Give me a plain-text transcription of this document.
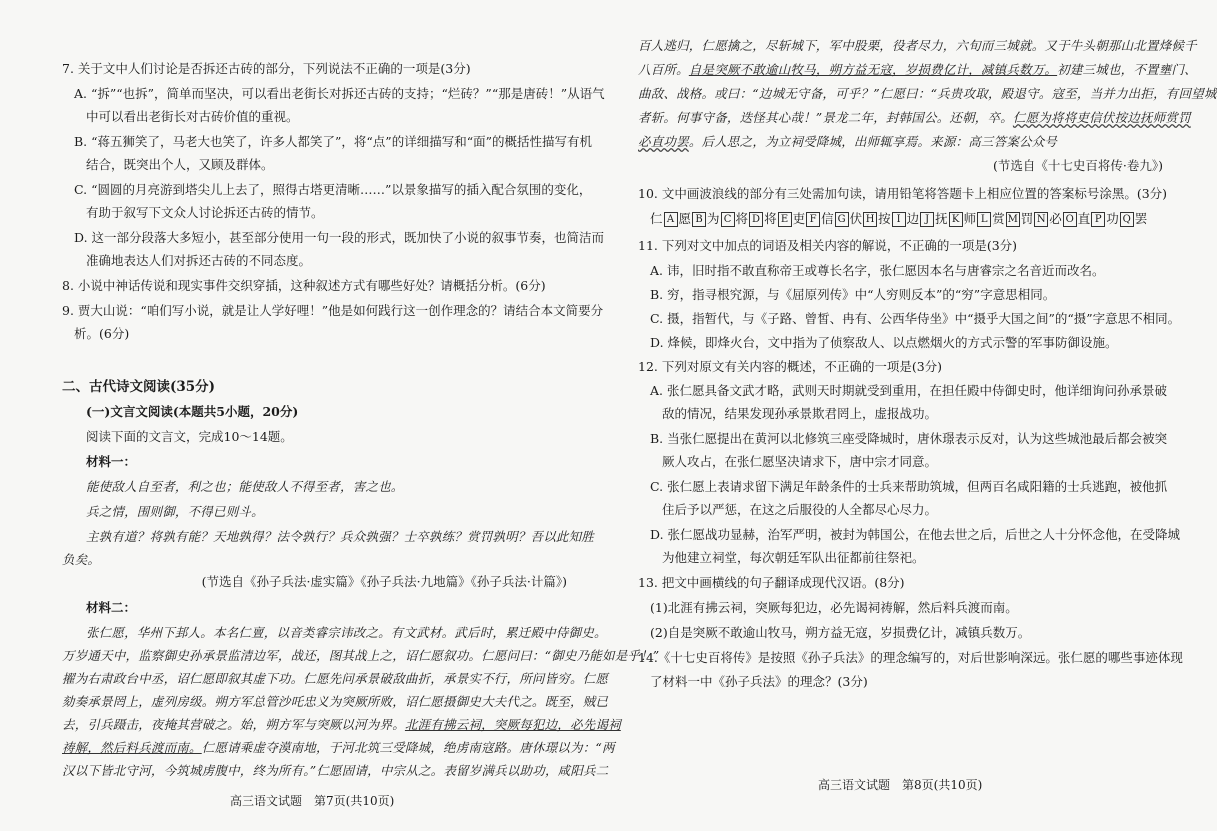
7. 关于文中人们讨论是否拆还古砖的部分，下列说法不正确的一项是(3分)
A. “拆”“也拆”，简单而坚决，可以看出老街长对拆还古砖的支持；“烂砖？”“那是唐砖！”从语气
中可以看出老街长对古砖价值的重视。
B. “蒋五狮笑了，马老大也笑了，许多人都笑了”，将“点”的详细描写和“面”的概括性描写有机
结合，既突出个人，又顾及群体。
C. “圆圆的月亮游到塔尖儿上去了，照得古塔更清晰……”以景象描写的插入配合氛围的变化，
有助于叙写下文众人讨论拆还古砖的情节。
D. 这一部分段落大多短小，甚至部分使用一句一段的形式，既加快了小说的叙事节奏，也简洁而
准确地表达人们对拆还古砖的不同态度。
8. 小说中神话传说和现实事件交织穿插，这种叙述方式有哪些好处？请概括分析。(6分)
9. 贾大山说：“咱们写小说，就是让人学好哩！”他是如何践行这一创作理念的？请结合本文简要分
析。(6分)
二、古代诗文阅读(35分)
(一)文言文阅读(本题共5小题，20分)
阅读下面的文言文，完成10～14题。
材料一：
能使敌人自至者，利之也；能使敌人不得至者，害之也。
兵之情，围则御，不得已则斗。
主孰有道？将孰有能？天地孰得？法令孰行？兵众孰强？士卒孰练？赏罚孰明？吾以此知胜
负矣。
(节选自《孙子兵法·虚实篇》《孙子兵法·九地篇》《孙子兵法·计篇》)
材料二：
张仁愿，华州下邽人。本名仁亶，以音类睿宗讳改之。有文武材。武后时，累迁殿中侍御史。
万岁通天中，监察御史孙承景监清边军，战还，图其战上之，诏仁愿叙功。仁愿问曰：“御史乃能如是乎！”
擢为右肃政台中丞，诏仁愿即叙其虚下功。仁愿先问承景破敌曲折，承景实不行，所问皆穷。仁愿
劾奏承景罔上，虚列房级。朔方军总管沙吒忠义为突厥所败，诏仁愿摄御史大夫代之。既至，贼已
去，引兵蹑击，夜掩其营破之。始，朔方军与突厥以河为界。北涯有拂云祠，突厥每犯边，必先谒祠
祷解，然后料兵渡而南。仁愿请乘虚夺漠南地，于河北筑三受降城，绝虏南寇路。唐休璟以为：“两
汉以下皆北守河，今筑城虏腹中，终为所有。”仁愿固请，中宗从之。表留岁满兵以助功，咸阳兵二
高三语文试题　第7页(共10页)
百人逃归，仁愿擒之，尽斩城下，军中股栗，役者尽力，六旬而三城就。又于牛头朝那山北置烽候千
八百所。自是突厥不敢逾山牧马，朔方益无寇，岁损费亿计，减镇兵数万。初建三城也，不置壅门、
曲敌、战格。或曰：“边城无守备，可乎？”仁愿曰：“兵贵攻取，殿退守。寇至，当并力出拒，有回望城
者斩。何事守备，迭怪其心哉！”景龙二年，封韩国公。还朝，卒。仁愿为将将吏信伏按边抚师赏罚
必直功罢。后人思之，为立祠受降城，出师辄享焉。来源：高三答案公众号
(节选自《十七史百将传·卷九》)
10. 文中画波浪线的部分有三处需加句读，请用铅笔将答题卡上相应位置的答案标号涂黑。(3分)
仁 A 愿 B 为 C 将 D 将 E 吏 F 信 G 伏 H 按 I 边 J 抚 K 师 L 赏 M 罚 N 必 O 直 P 功 Q 罢
11. 下列对文中加点的词语及相关内容的解说，不正确的一项是(3分)
A. 讳，旧时指不敢直称帝王或尊长名字，张仁愿因本名与唐睿宗之名音近而改名。
B. 穷，指寻根究源，与《屈原列传》中“人穷则反本”的“穷”字意思相同。
C. 摄，指暂代，与《子路、曾皙、冉有、公西华侍坐》中“摄乎大国之间”的“摄”字意思不相同。
D. 烽候，即烽火台，文中指为了侦察敌人、以点燃烟火的方式示警的军事防御设施。
12. 下列对原文有关内容的概述，不正确的一项是(3分)
A. 张仁愿具备文武才略，武则天时期就受到重用，在担任殿中侍御史时，他详细询问孙承景破
敌的情况，结果发现孙承景欺君罔上，虚报战功。
B. 当张仁愿提出在黄河以北修筑三座受降城时，唐休璟表示反对，认为这些城池最后都会被突
厥人攻占，在张仁愿坚决请求下，唐中宗才同意。
C. 张仁愿上表请求留下满足年龄条件的士兵来帮助筑城，但两百名咸阳籍的士兵逃跑，被他抓
住后予以严惩，在这之后服役的人全都尽心尽力。
D. 张仁愿战功显赫，治军严明，被封为韩国公，在他去世之后，后世之人十分怀念他，在受降城
为他建立祠堂，每次朝廷军队出征都前往祭祀。
13. 把文中画横线的句子翻译成现代汉语。(8分)
(1)北涯有拂云祠，突厥每犯边，必先谒祠祷解，然后料兵渡而南。
(2)自是突厥不敢逾山牧马，朔方益无寇，岁损费亿计，减镇兵数万。
14.《十七史百将传》是按照《孙子兵法》的理念编写的，对后世影响深远。张仁愿的哪些事迹体现
了材料一中《孙子兵法》的理念？(3分)
高三语文试题　第8页(共10页)
